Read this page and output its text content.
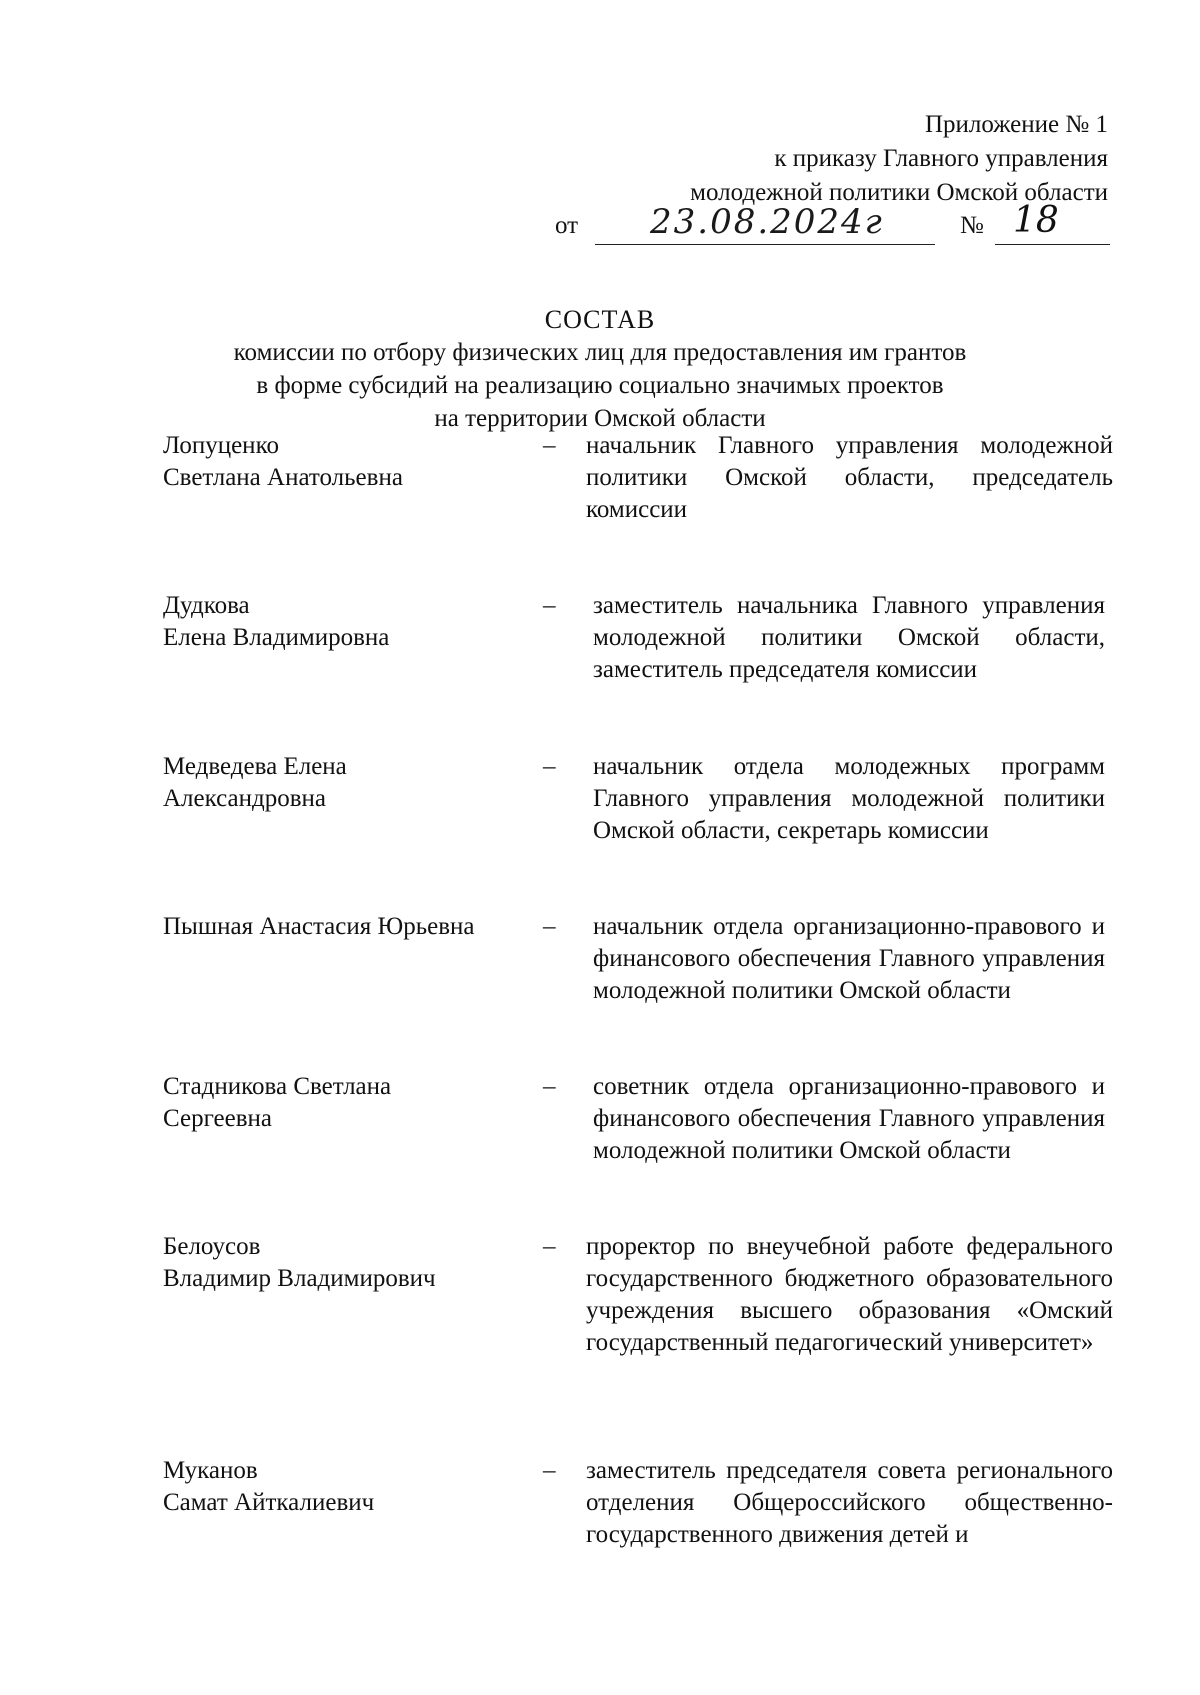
Приложение № 1
к приказу Главного управления
молодежной политики Омской области
от 23.08.2024г	№ 18
СОСТАВ
комиссии по отбору физических лиц для предоставления им грантов
в форме субсидий на реализацию социально значимых проектов
на территории Омской области
Лопуценко
Светлана Анатольевна
– начальник Главного управления молодежной политики Омской области, председатель комиссии
Дудкова
Елена Владимировна
– заместитель начальника Главного управления молодежной политики Омской области, заместитель председателя комиссии
Медведева Елена
Александровна
– начальник отдела молодежных программ Главного управления молодежной политики Омской области, секретарь комиссии
Пышная Анастасия Юрьевна	– начальник отдела организационно-правового и финансового обеспечения Главного управления молодежной политики Омской области
Стадникова Светлана
Сергеевна
– советник отдела организационно-правового и финансового обеспечения Главного управления молодежной политики Омской области
Белоусов
Владимир Владимирович
– проректор по внеучебной работе федерального государственного бюджетного образовательного учреждения высшего образования «Омский государственный педагогический университет»
Муканов
Самат Айткалиевич
– заместитель председателя совета регионального отделения Общероссийского общественно-государственного движения детей и
